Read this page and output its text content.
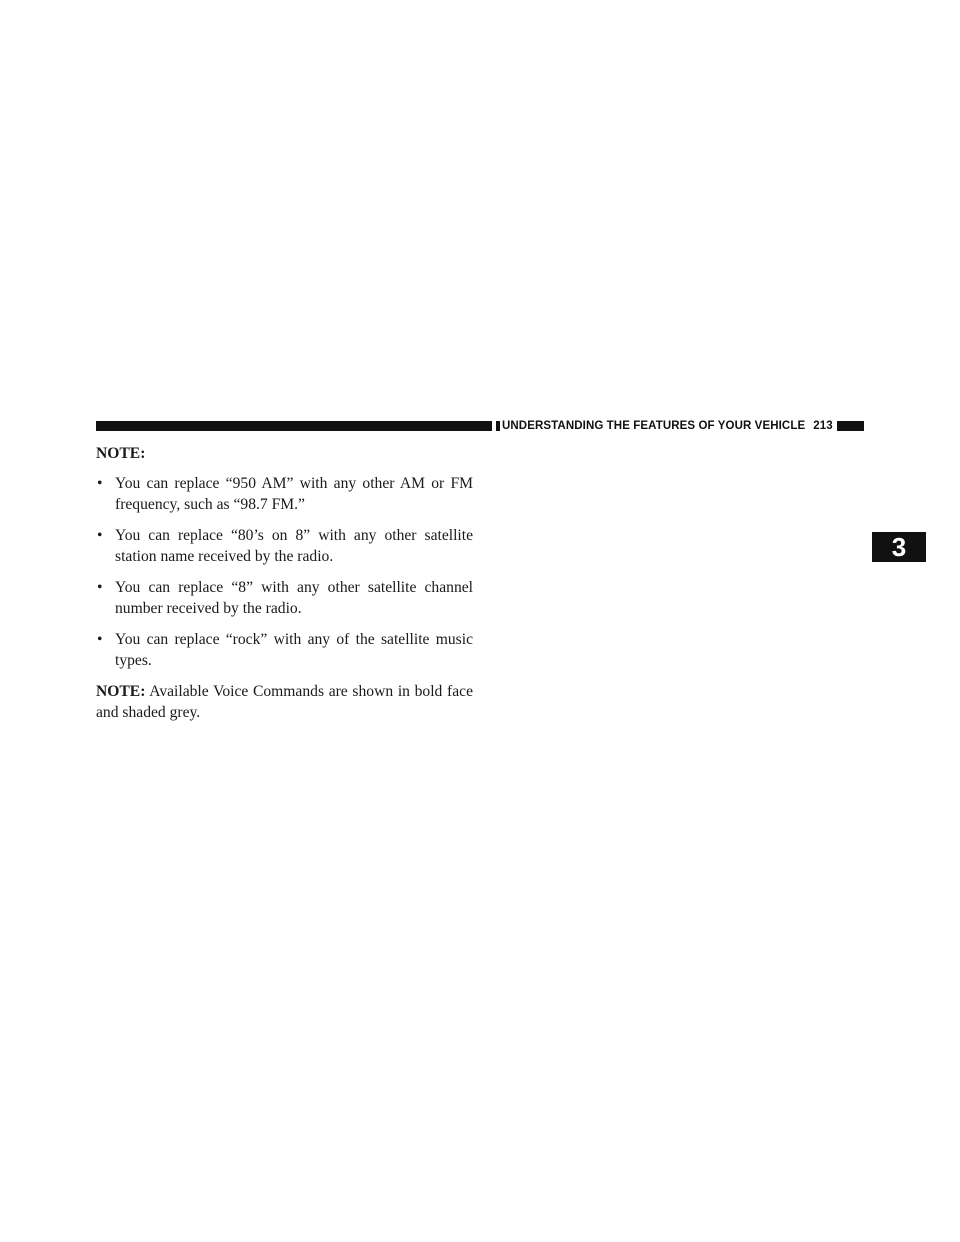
UNDERSTANDING THE FEATURES OF YOUR VEHICLE 213
3
NOTE:
• You can replace “950 AM” with any other AM or FM frequency, such as “98.7 FM.”
• You can replace “80’s on 8” with any other satellite station name received by the radio.
• You can replace “8” with any other satellite channel number received by the radio.
• You can replace “rock” with any of the satellite music types.

NOTE: Available Voice Commands are shown in bold face and shaded grey.
